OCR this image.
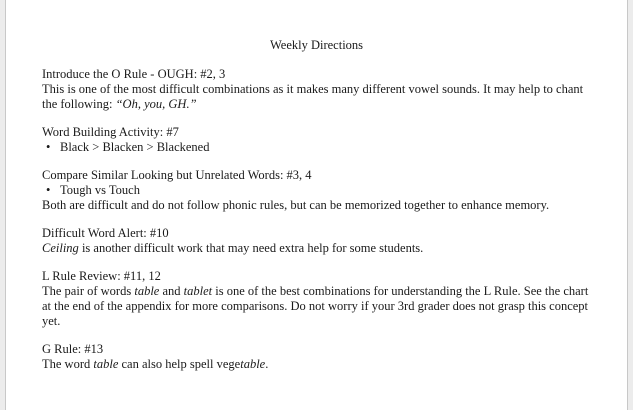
Weekly Directions

Introduce the O Rule - OUGH: #2, 3

This is one of the most difficult combinations as it makes many different vowel sounds. It may help to chant the following: “Oh, you, GH.”

Word Building Activity: #7

• Black > Blacken > Blackened

Compare Similar Looking but Unrelated Words: #3, 4

• Tough vs Touch

Both are difficult and do not follow phonic rules, but can be memorized together to enhance memory.

Difficult Word Alert: #10

Ceiling is another difficult work that may need extra help for some students.

L Rule Review: #11, 12

The pair of words table and tablet is one of the best combinations for understanding the L Rule. See the chart at the end of the appendix for more comparisons. Do not worry if your 3rd grader does not grasp this concept yet.

G Rule: #13

The word table can also help spell vegetable.
